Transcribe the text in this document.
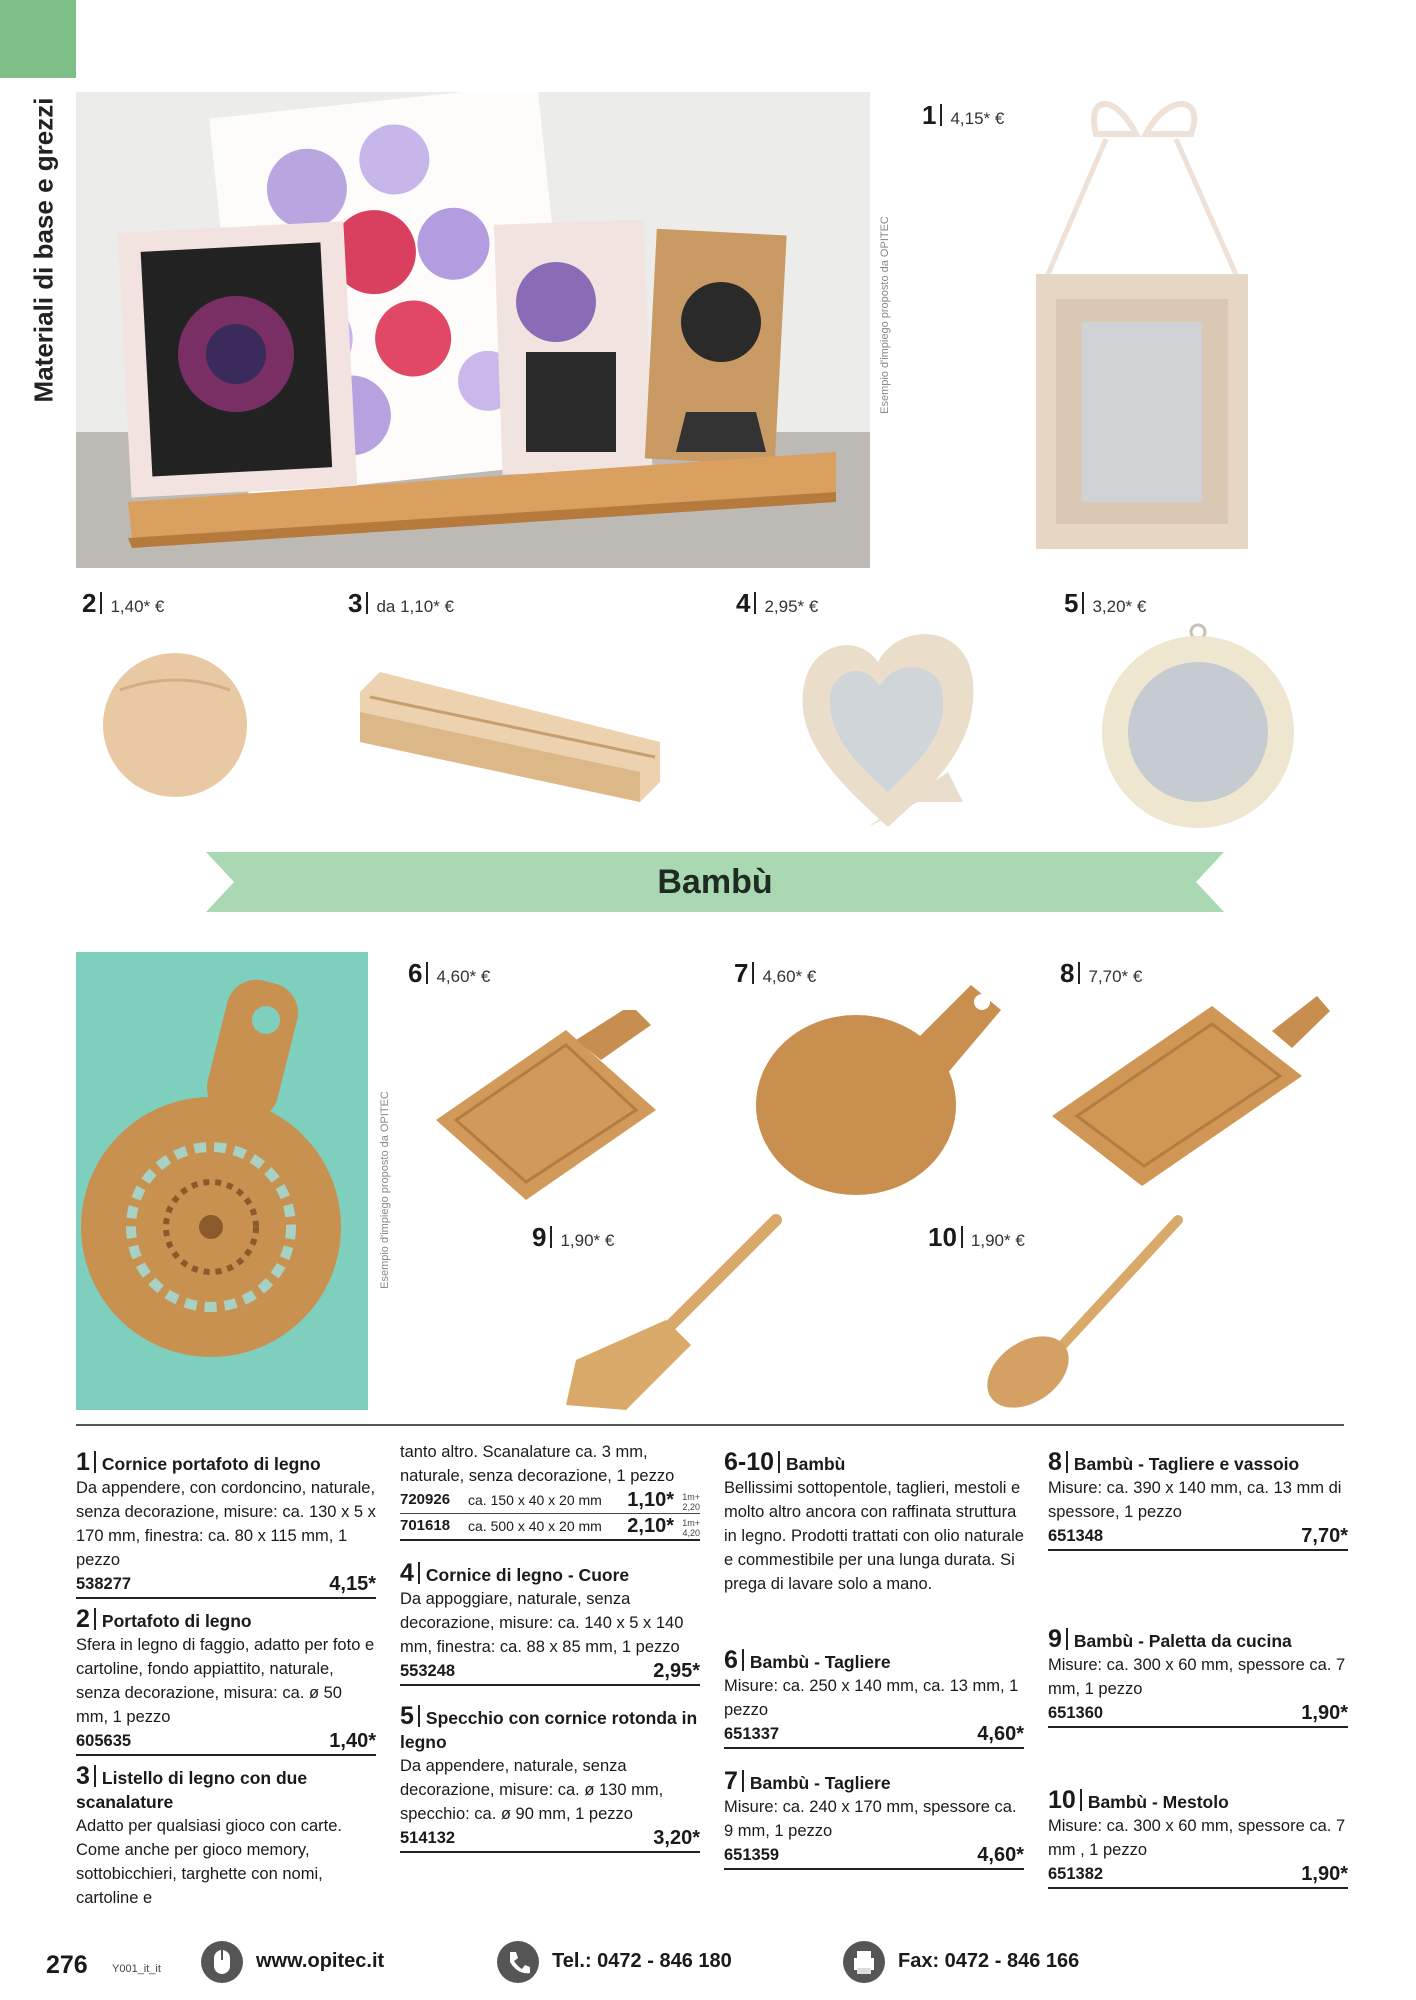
Materiali di base e grezzi	Esempio d'impiego proposto da OPITEC
1 4,15* €
2 1,40* €	3 da 1,10* €	4 2,95* €	5 3,20* €
Bambù
Esempio d'impiego proposto da OPITEC
6 4,60* €	7 4,60* €	8 7,70* €
9 1,90* €	10 1,90* €
1 Cornice portafoto di legno

Da appendere, con cordoncino, naturale, senza decorazione, misure: ca. 130 x 5 x 170 mm, finestra: ca. 80 x 115 mm, 1 pezzo

538277	4,15*
2 Portafoto di legno

Sfera in legno di faggio, adatto per foto e cartoline, fondo appiattito, naturale, senza decorazione, misura: ca. ø 50 mm, 1 pezzo

605635	1,40*
3 Listello di legno con due scanalature

Adatto per qualsiasi gioco con carte. Come anche per gioco memory, sottobicchieri, targhette con nomi, cartoline e

tanto altro. Scanalature ca. 3 mm, naturale, senza decorazione, 1 pezzo

720926	ca. 150 x 40 x 20 mm	1,10* 1m+ 2,20
701618	ca. 500 x 40 x 20 mm	2,10* 1m+ 4,20
4 Cornice di legno - Cuore

Da appoggiare, naturale, senza decorazione, misure: ca. 140 x 5 x 140 mm, finestra: ca. 88 x 85 mm, 1 pezzo

553248	2,95*
5 Specchio con cornice rotonda in legno

Da appendere, naturale, senza decorazione, misure: ca. ø 130 mm, specchio: ca. ø 90 mm, 1 pezzo

514132	3,20*
6-10 Bambù

Bellissimi sottopentole, taglieri, mestoli e molto altro ancora con raffinata struttura in legno. Prodotti trattati con olio naturale e commestibile per una lunga durata. Si prega di lavare solo a mano.

6 Bambù - Tagliere

Misure: ca. 250 x 140 mm, ca. 13 mm, 1 pezzo

651337	4,60*
7 Bambù - Tagliere

Misure: ca. 240 x 170 mm, spessore ca. 9 mm, 1 pezzo

651359	4,60*
8 Bambù - Tagliere e vassoio

Misure: ca. 390 x 140 mm, ca. 13 mm di spessore, 1 pezzo

651348	7,70*
9 Bambù - Paletta da cucina

Misure: ca. 300 x 60 mm, spessore ca. 7 mm, 1 pezzo

651360	1,90*
10 Bambù - Mestolo

Misure: ca. 300 x 60 mm, spessore ca. 7 mm , 1 pezzo

651382	1,90*
276 Y001_it_it	www.opitec.it	Tel.: 0472 - 846 180	Fax: 0472 - 846 166
